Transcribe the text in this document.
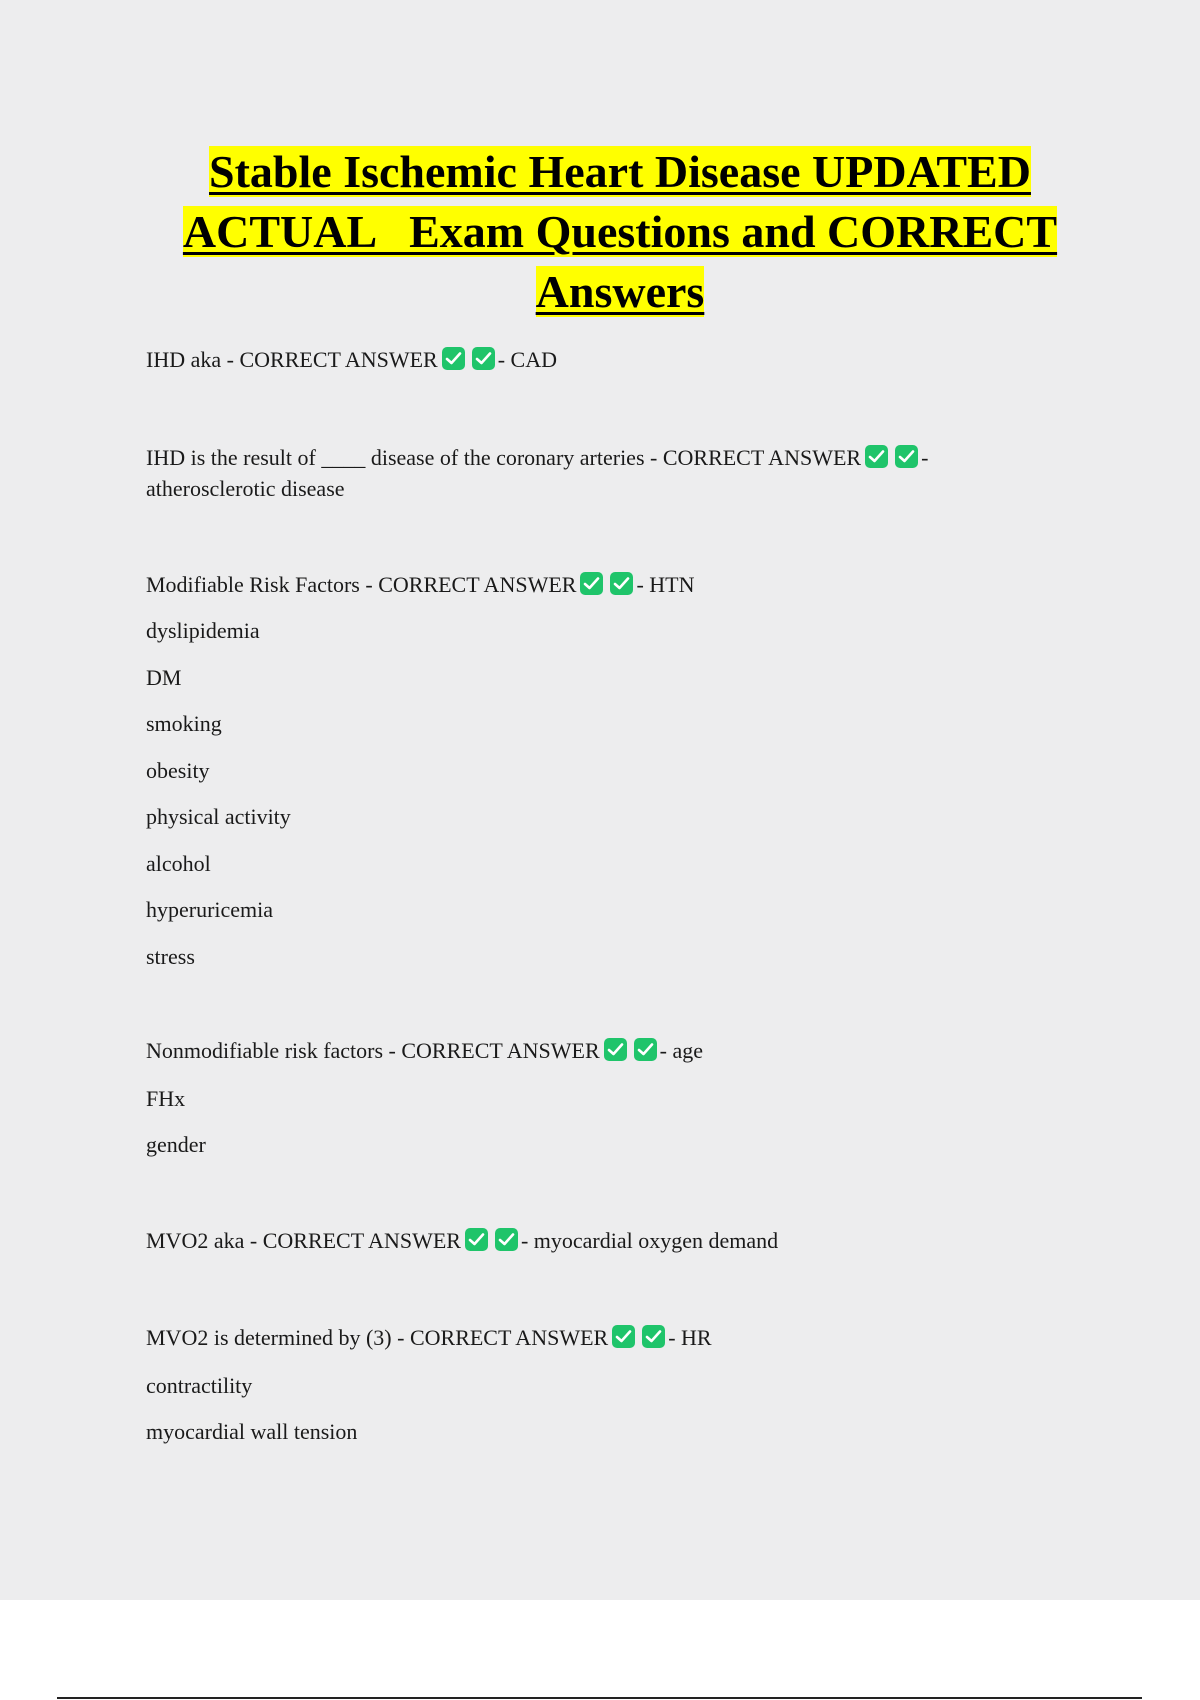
Stable Ischemic Heart Disease UPDATED
ACTUAL   Exam Questions and CORRECT
Answers
IHD aka - CORRECT ANSWER	- CAD
IHD is the result of ____ disease of the coronary arteries - CORRECT ANSWER	-
atherosclerotic disease
Modifiable Risk Factors - CORRECT ANSWER	- HTN
dyslipidemia
DM
smoking
obesity
physical activity
alcohol
hyperuricemia
stress
Nonmodifiable risk factors - CORRECT ANSWER	- age
FHx
gender
MVO2 aka - CORRECT ANSWER	- myocardial oxygen demand
MVO2 is determined by (3) - CORRECT ANSWER	- HR
contractility
myocardial wall tension
